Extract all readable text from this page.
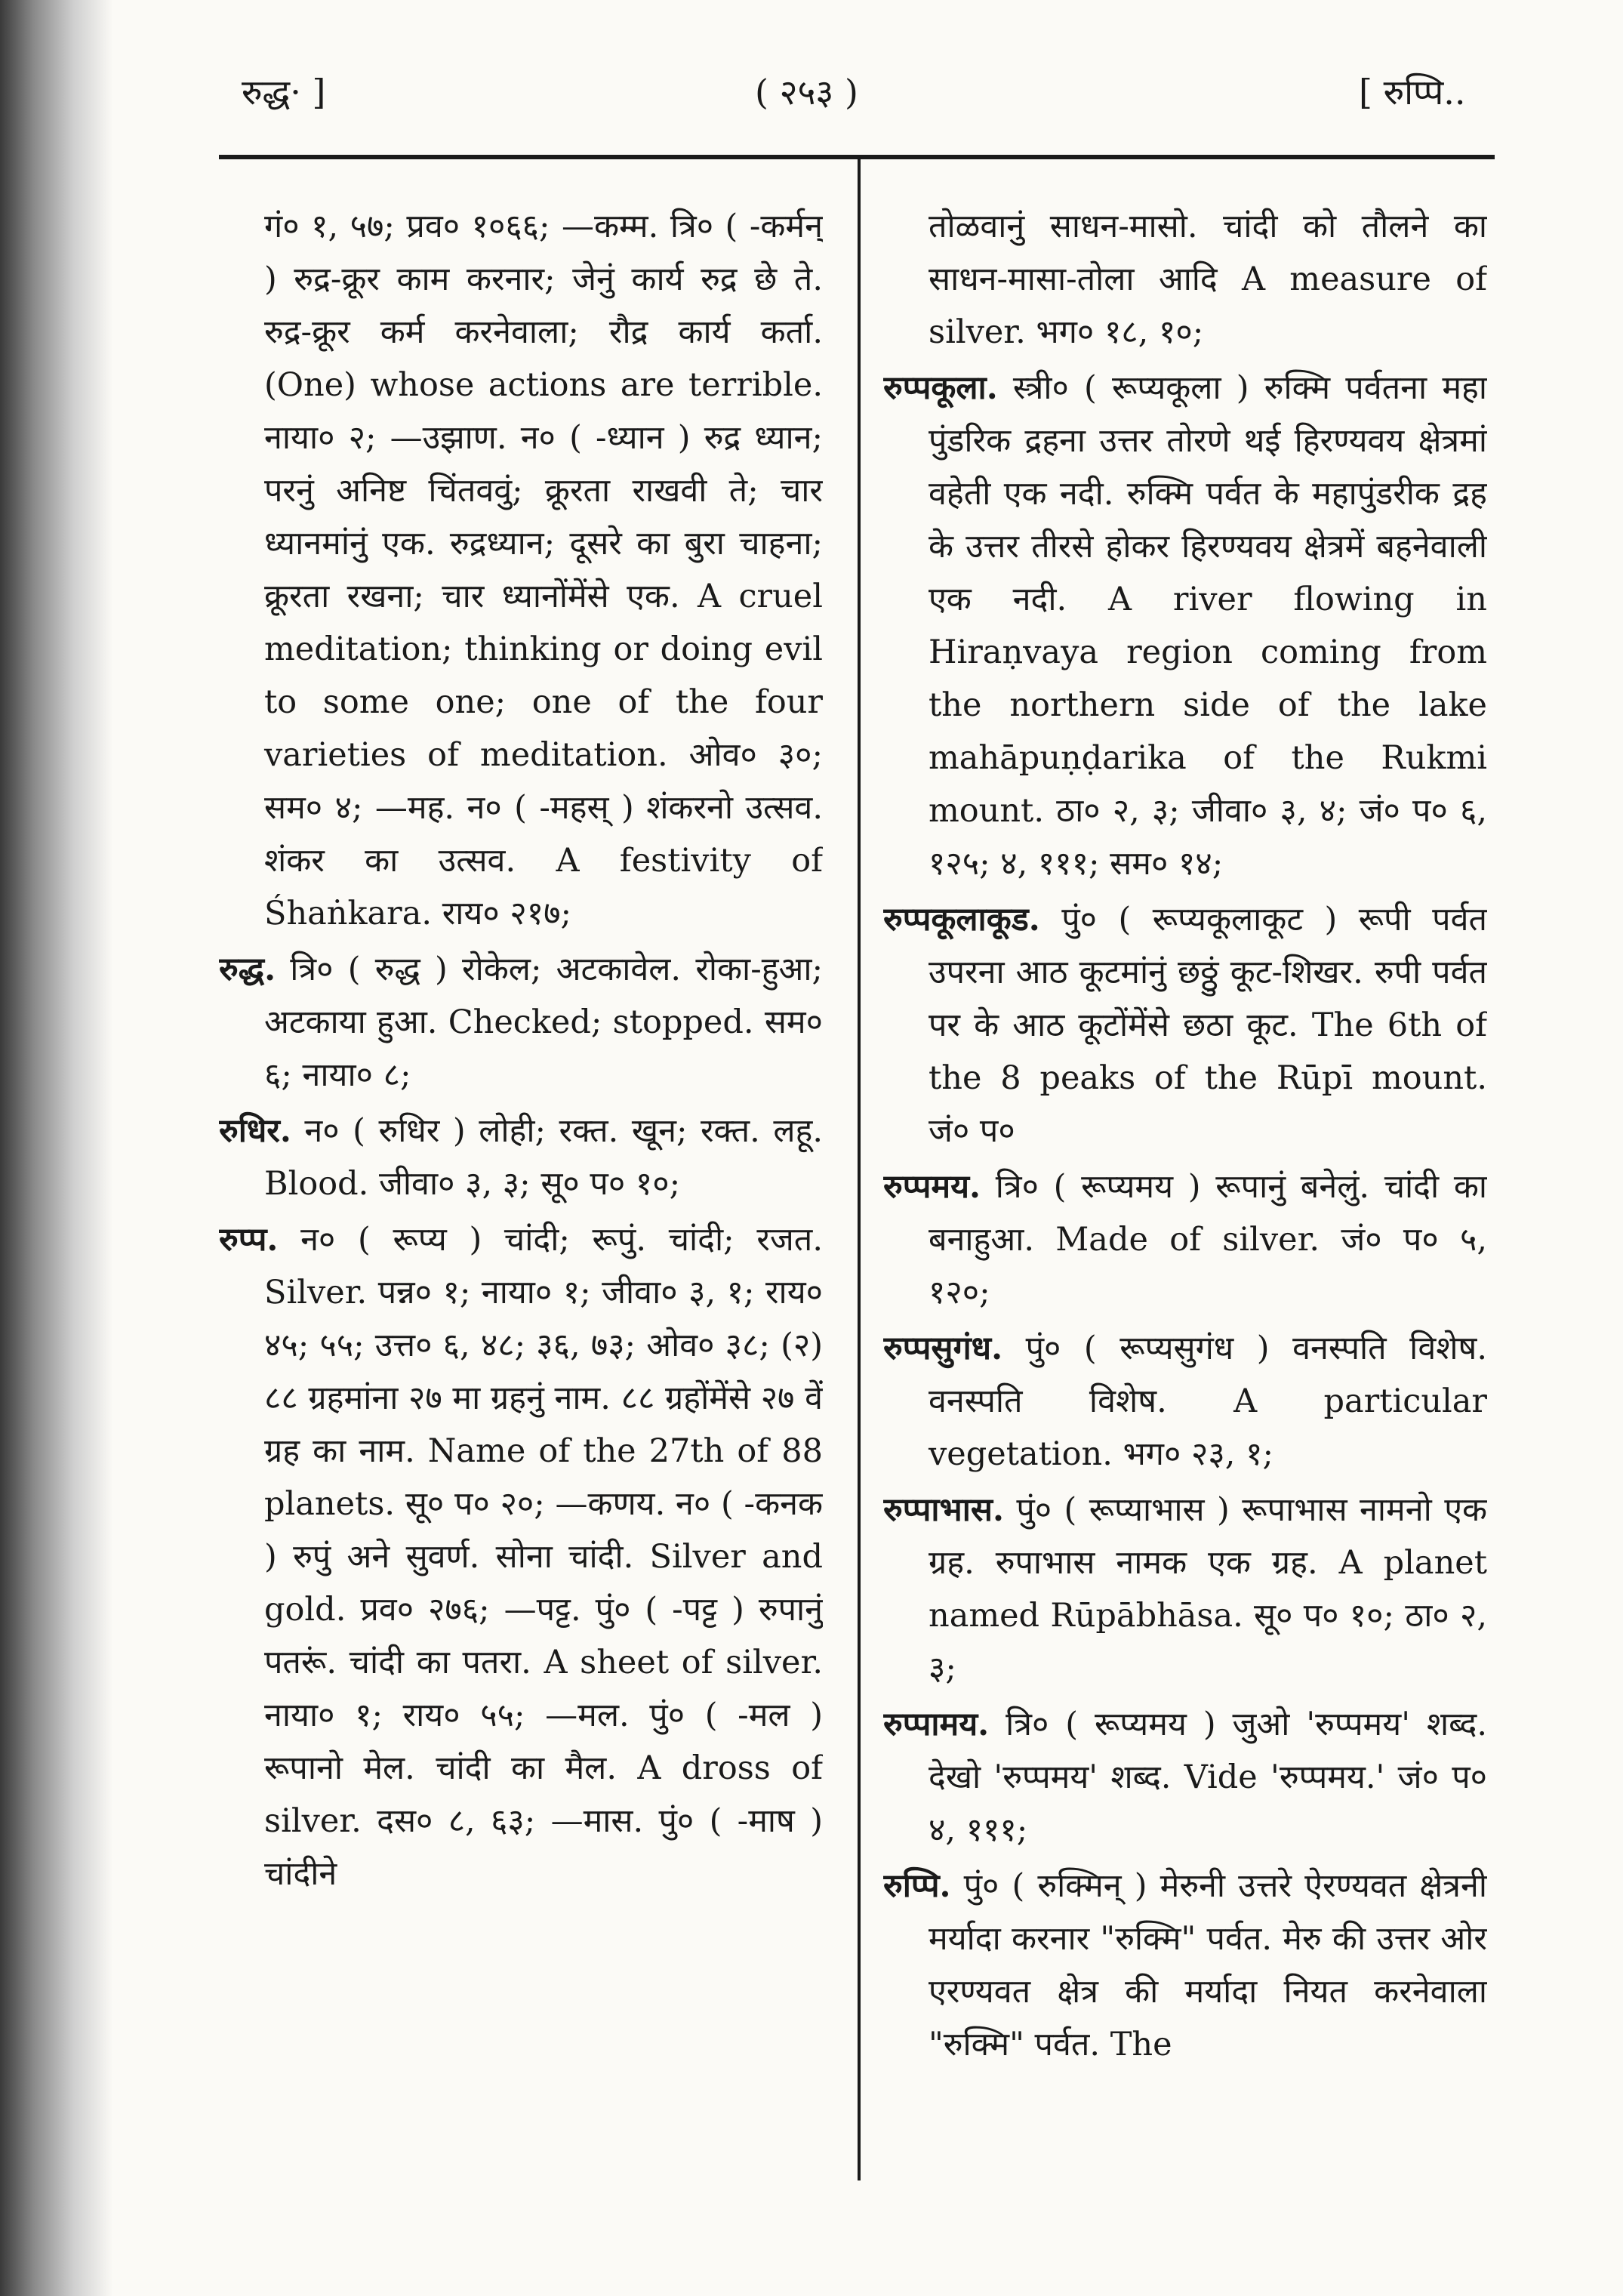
रुद्ध· ]	( २५३ )	[ रुप्पि..

गं० १, ५७; प्रव० १०६६; —कम्म. त्रि० ( -कर्मन् ) रुद्र-क्रूर काम करनार; जेनुं कार्य रुद्र छे ते. रुद्र-क्रूर कर्म करनेवाला; रौद्र कार्य कर्ता. (One) whose actions are terrible. नाया० २; —उझाण. न० ( -ध्यान ) रुद्र ध्यान; परनुं अनिष्ट चिंतववुं; क्रूरता राखवी ते; चार ध्यानमांनुं एक. रुद्रध्यान; दूसरे का बुरा चाहना; क्रूरता रखना; चार ध्यानोंमेंसे एक. A cruel meditation; thinking or doing evil to some one; one of the four varieties of meditation. ओव० ३०; सम० ४; —मह. न० ( -महस् ) शंकरनो उत्सव. शंकर का उत्सव. A festivity of Śhaṅkara. राय० २१७;

रुद्ध. त्रि० ( रुद्ध ) रोकेल; अटकावेल. रोका-हुआ; अटकाया हुआ. Checked; stopped. सम० ६; नाया० ८;

रुधिर. न० ( रुधिर ) लोही; रक्त. खून; रक्त. लहू. Blood. जीवा० ३, ३; सू० प० १०;

रुप्प. न० ( रूप्य ) चांदी; रूपुं. चांदी; रजत. Silver. पन्न० १; नाया० १; जीवा० ३, १; राय० ४५; ५५; उत्त० ६, ४८; ३६, ७३; ओव० ३८; (२) ८८ ग्रहमांना २७ मा ग्रहनुं नाम. ८८ ग्रहोंमेंसे २७ वें ग्रह का नाम. Name of the 27th of 88 planets. सू० प० २०; —कणय. न० ( -कनक ) रुपुं अने सुवर्ण. सोना चांदी. Silver and gold. प्रव० २७६; —पट्ट. पुं० ( -पट्ट ) रुपानुं पतरूं. चांदी का पतरा. A sheet of silver. नाया० १; राय० ५५; —मल. पुं० ( -मल ) रूपानो मेल. चांदी का मैल. A dross of silver. दस० ८, ६३; —मास. पुं० ( -माष ) चांदीने

तोळवानुं साधन-मासो. चांदी को तौलने का साधन-मासा-तोला आदि A measure of silver. भग० १८, १०;

रुप्पकूला. स्त्री० ( रूप्यकूला ) रुक्मि पर्वतना महा पुंडरिक द्रहना उत्तर तोरणे थई हिरण्यवय क्षेत्रमां वहेती एक नदी. रुक्मि पर्वत के महापुंडरीक द्रह के उत्तर तीरसे होकर हिरण्यवय क्षेत्रमें बहनेवाली एक नदी. A river flowing in Hiraṇvaya region coming from the northern side of the lake mahāpuṇḍarika of the Rukmi mount. ठा० २, ३; जीवा० ३, ४; जं० प० ६, १२५; ४, १११; सम० १४;

रुप्पकूलाकूड. पुं० ( रूप्यकूलाकूट ) रूपी पर्वत उपरना आठ कूटमांनुं छठ्ठुं कूट-शिखर. रुपी पर्वत पर के आठ कूटोंमेंसे छठा कूट. The 6th of the 8 peaks of the Rūpī mount. जं० प०

रुप्पमय. त्रि० ( रूप्यमय ) रूपानुं बनेलुं. चांदी का बनाहुआ. Made of silver. जं० प० ५, १२०;

रुप्पसुगंध. पुं० ( रूप्यसुगंध ) वनस्पति विशेष. वनस्पति विशेष. A particular vegetation. भग० २३, १;

रुप्पाभास. पुं० ( रूप्याभास ) रूपाभास नामनो एक ग्रह. रुपाभास नामक एक ग्रह. A planet named Rūpābhāsa. सू० प० १०; ठा० २, ३;

रुप्पामय. त्रि० ( रूप्यमय ) जुओ 'रुप्पमय' शब्द. देखो 'रुप्पमय' शब्द. Vide 'रुप्पमय.' जं० प० ४, १११;

रुप्पि. पुं० ( रुक्मिन् ) मेरुनी उत्तरे ऐरण्यवत क्षेत्रनी मर्यादा करनार "रुक्मि" पर्वत. मेरु की उत्तर ओर एरण्यवत क्षेत्र की मर्यादा नियत करनेवाला "रुक्मि" पर्वत. The
